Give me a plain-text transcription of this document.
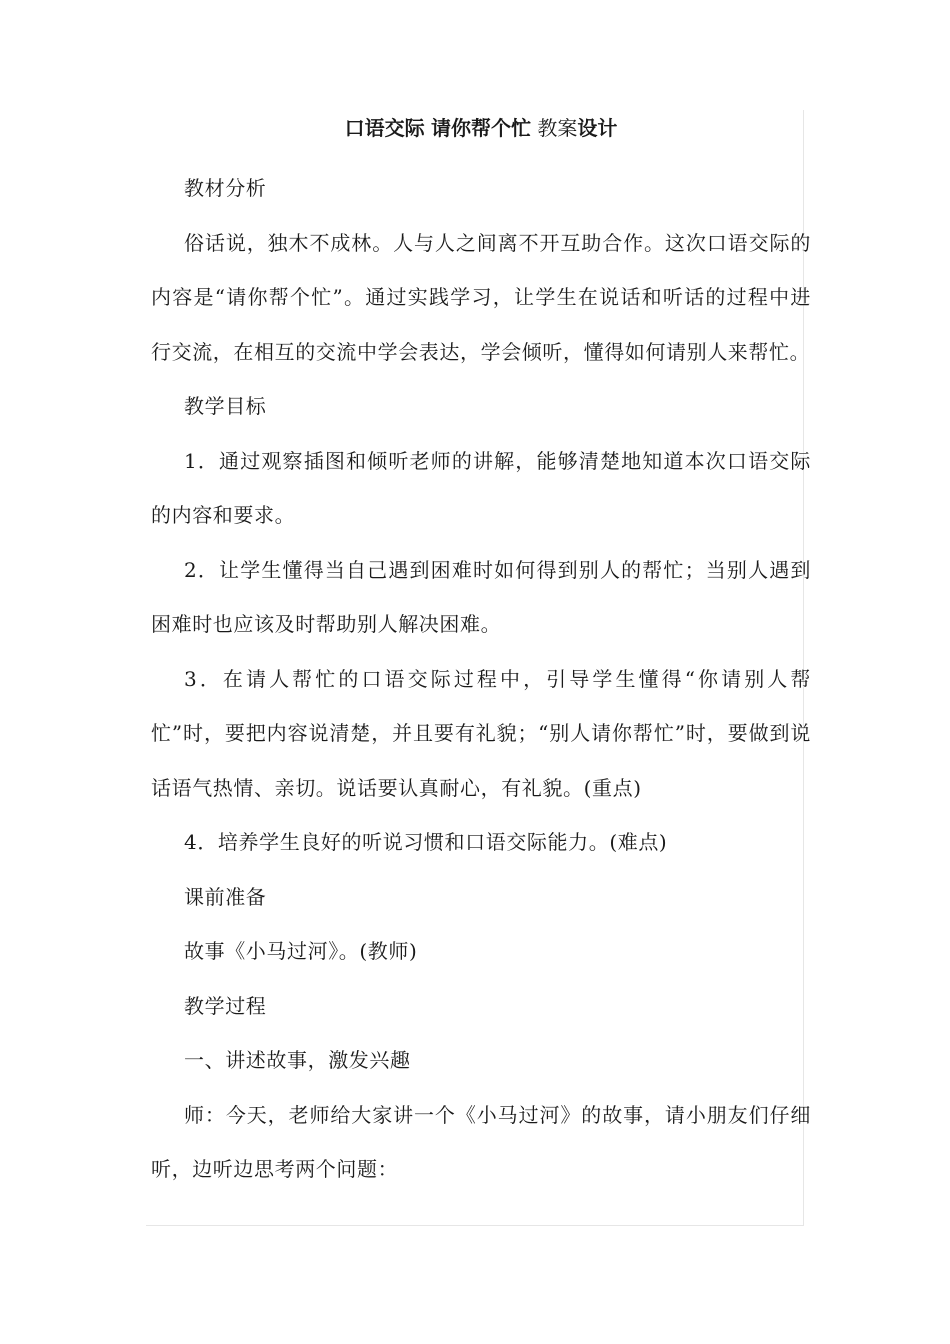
口语交际 请你帮个忙 教案设计

教材分析

俗话说，独木不成林。人与人之间离不开互助合作。这次口语交际的内容是“请你帮个忙”。通过实践学习，让学生在说话和听话的过程中进行交流，在相互的交流中学会表达，学会倾听，懂得如何请别人来帮忙。

教学目标

1．通过观察插图和倾听老师的讲解，能够清楚地知道本次口语交际的内容和要求。

2．让学生懂得当自己遇到困难时如何得到别人的帮忙；当别人遇到困难时也应该及时帮助别人解决困难。

3．在请人帮忙的口语交际过程中，引导学生懂得“你请别人帮忙”时，要把内容说清楚，并且要有礼貌；“别人请你帮忙”时，要做到说话语气热情、亲切。说话要认真耐心，有礼貌。(重点)

4．培养学生良好的听说习惯和口语交际能力。(难点)

课前准备

故事《小马过河》。(教师)

教学过程

一、讲述故事，激发兴趣

师：今天，老师给大家讲一个《小马过河》的故事，请小朋友们仔细听，边听边思考两个问题：
